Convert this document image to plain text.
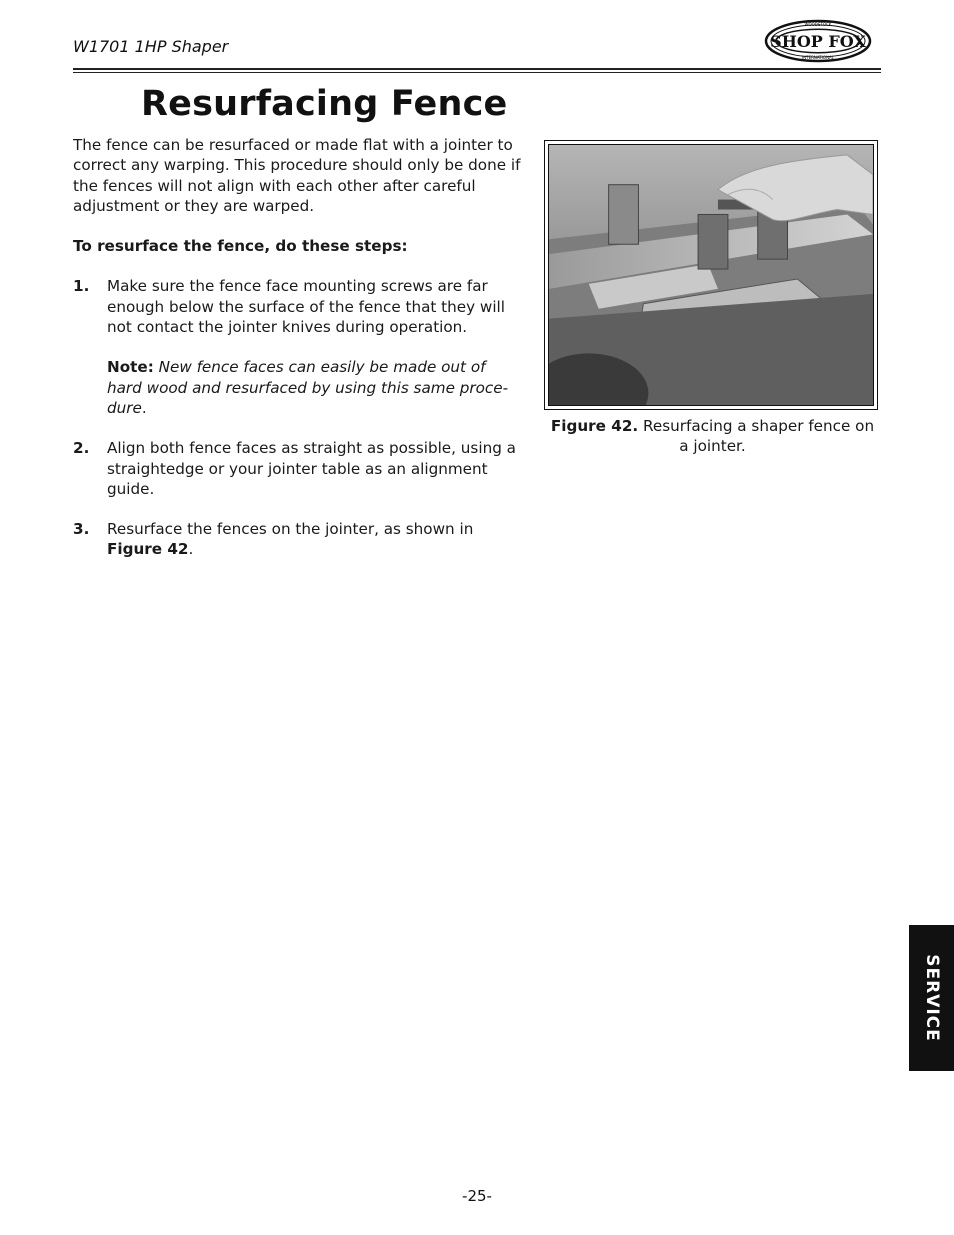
W1701 1HP Shaper	SHOP FOX
WOODSTOCK
INTERNATIONAL
Resurfacing Fence

The fence can be resurfaced or made flat with a jointer to correct any warping. This procedure should only be done if the fences will not align with each other after careful adjustment or they are warped.

To resurface the fence, do these steps:

1. Make sure the fence face mounting screws are far enough below the surface of the fence that they will not contact the jointer knives during operation.

Note: New fence faces can easily be made out of hard wood and resurfaced by using this same proce-dure.

2. Align both fence faces as straight as possible, using a straightedge or your jointer table as an alignment guide.

3. Resurface the fences on the jointer, as shown in
Figure 42.

Figure 42. Resurfacing a shaper fence on a jointer.
SERVICE
-25-
